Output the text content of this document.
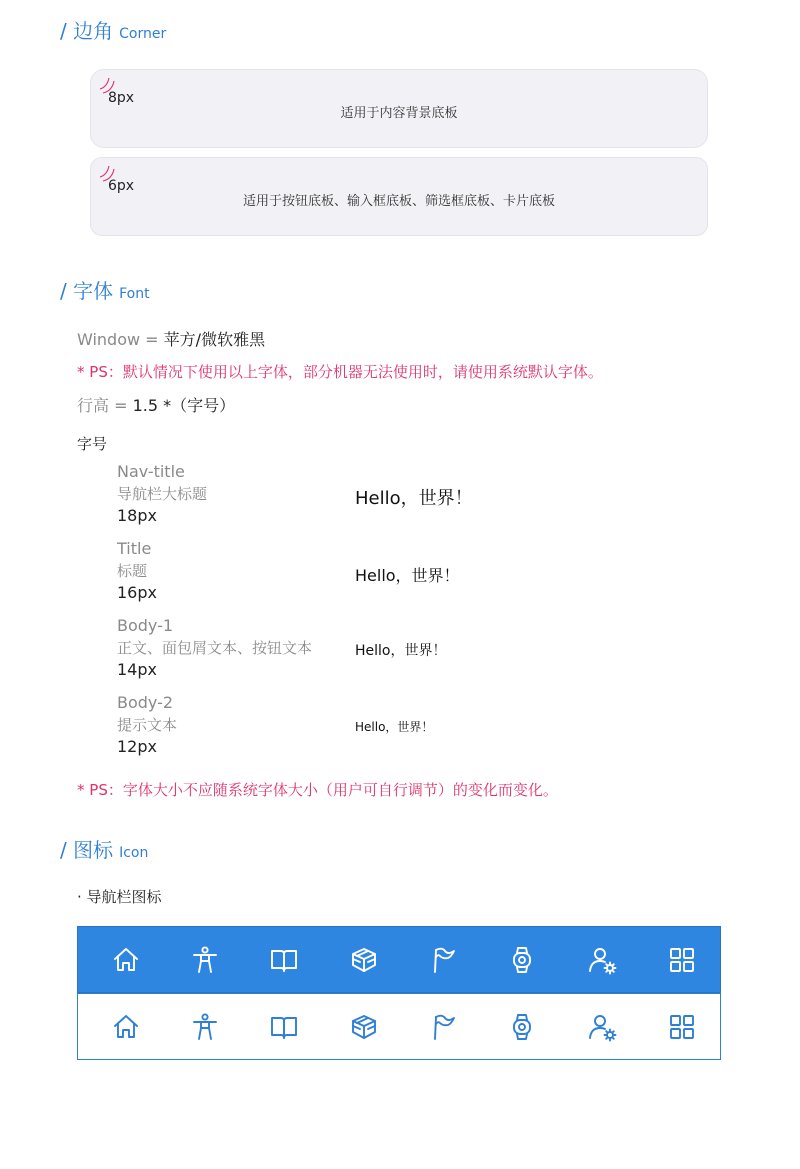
/ 边角 Corner
8px
适用于内容背景底板
6px
适用于按钮底板、输入框底板、筛选框底板、卡片底板
/ 字体 Font
Window = 苹方/微软雅黑
* PS：默认情况下使用以上字体，部分机器无法使用时，请使用系统默认字体。
行高 = 1.5 *（字号）
字号
Nav-title
导航栏大标题
18px
Hello，世界！
Title
标题
16px
Hello，世界！
Body-1
正文、面包屑文本、按钮文本
14px
Hello，世界！
Body-2
提示文本
12px
Hello，世界！
* PS：字体大小不应随系统字体大小（用户可自行调节）的变化而变化。
/ 图标 Icon
· 导航栏图标
